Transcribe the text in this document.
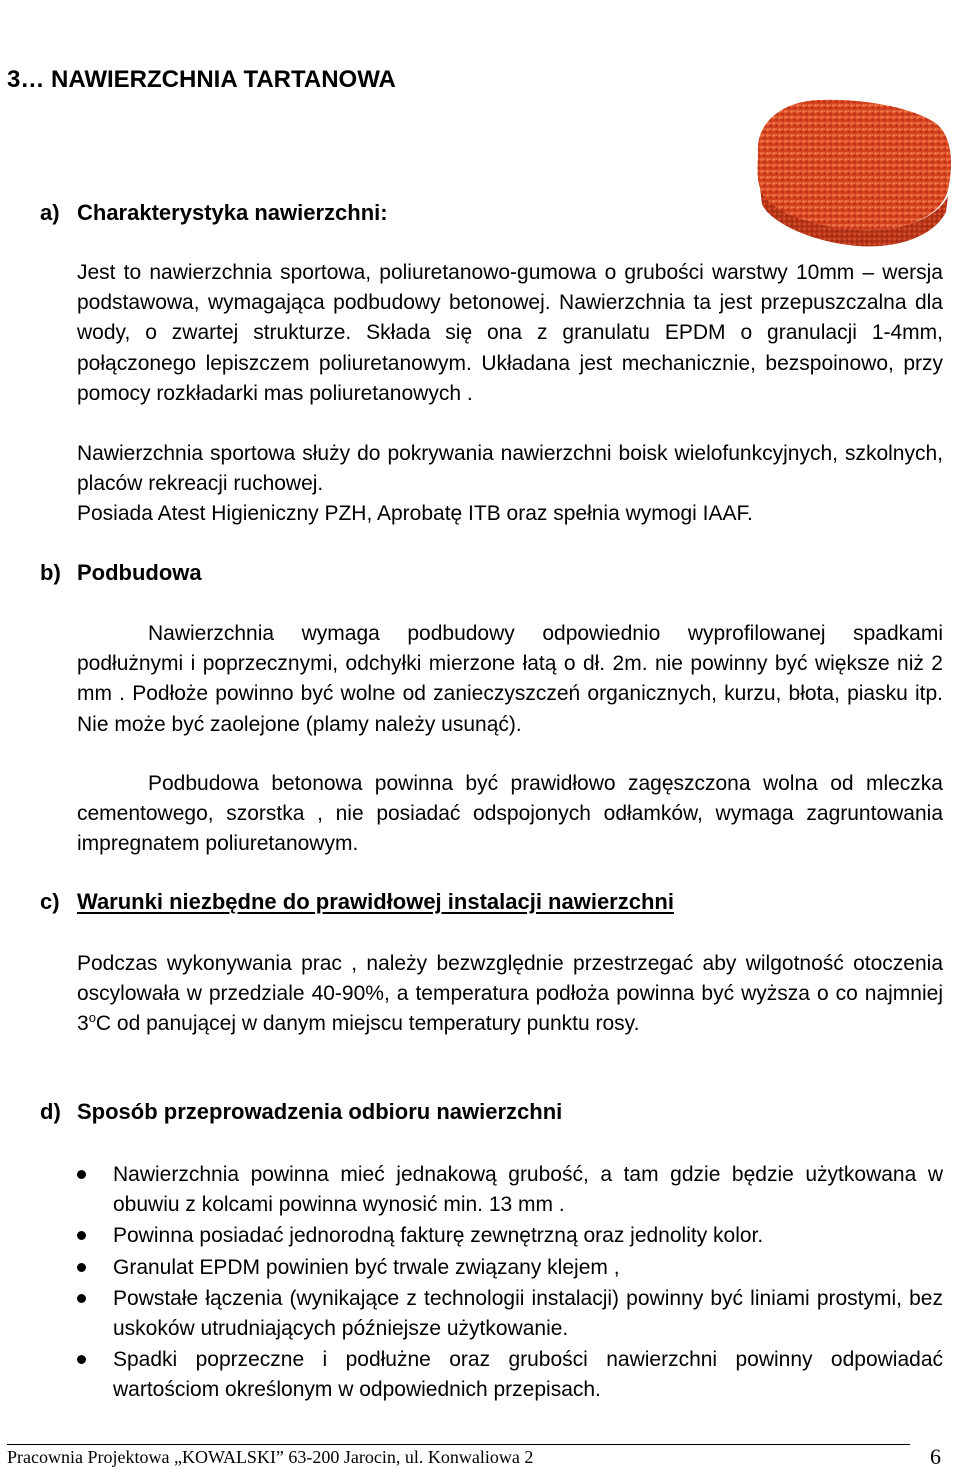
3… NAWIERZCHNIA TARTANOWA
a) Charakterystyka nawierzchni:

Jest to nawierzchnia sportowa, poliuretanowo-gumowa o grubości warstwy 10mm – wersja podstawowa, wymagająca podbudowy betonowej. Nawierzchnia ta jest przepuszczalna dla wody, o zwartej strukturze. Składa się ona z granulatu EPDM o granulacji 1-4mm, połączonego lepiszczem poliuretanowym. Układana jest mechanicznie, bezspoinowo, przy pomocy rozkładarki mas poliuretanowych .

Nawierzchnia sportowa służy do pokrywania nawierzchni boisk wielofunkcyjnych, szkolnych, placów rekreacji ruchowej.

Posiada Atest Higieniczny PZH, Aprobatę ITB oraz spełnia wymogi IAAF.

b) Podbudowa

Nawierzchnia wymaga podbudowy odpowiednio wyprofilowanej spadkami podłużnymi i poprzecznymi, odchyłki mierzone łatą o dł. 2m. nie powinny być większe niż 2 mm . Podłoże powinno być wolne od zanieczyszczeń organicznych, kurzu, błota, piasku itp. Nie może być zaolejone (plamy należy usunąć).

Podbudowa betonowa powinna być prawidłowo zagęszczona wolna od mleczka cementowego, szorstka , nie posiadać odspojonych odłamków, wymaga zagruntowania impregnatem poliuretanowym.

c) Warunki niezbędne do prawidłowej instalacji nawierzchni

Podczas wykonywania prac , należy bezwzględnie przestrzegać aby wilgotność otoczenia oscylowała w przedziale 40-90%, a temperatura podłoża powinna być wyższa o co najmniej 3$^o$C od panującej w danym miejscu temperatury punktu rosy.

d) Sposób przeprowadzenia odbioru nawierzchni
Nawierzchnia powinna mieć jednakową grubość, a tam gdzie będzie użytkowana w obuwiu z kolcami powinna wynosić min. 13 mm .
Powinna posiadać jednorodną fakturę zewnętrzną oraz jednolity kolor.
Granulat EPDM powinien być trwale związany klejem ,
Powstałe łączenia (wynikające z technologii instalacji) powinny być liniami prostymi, bez uskoków utrudniających późniejsze użytkowanie.
Spadki poprzeczne i podłużne oraz grubości nawierzchni powinny odpowiadać wartościom określonym w odpowiednich przepisach.
Pracownia Projektowa „KOWALSKI” 63-200 Jarocin, ul. Konwaliowa 2	6
